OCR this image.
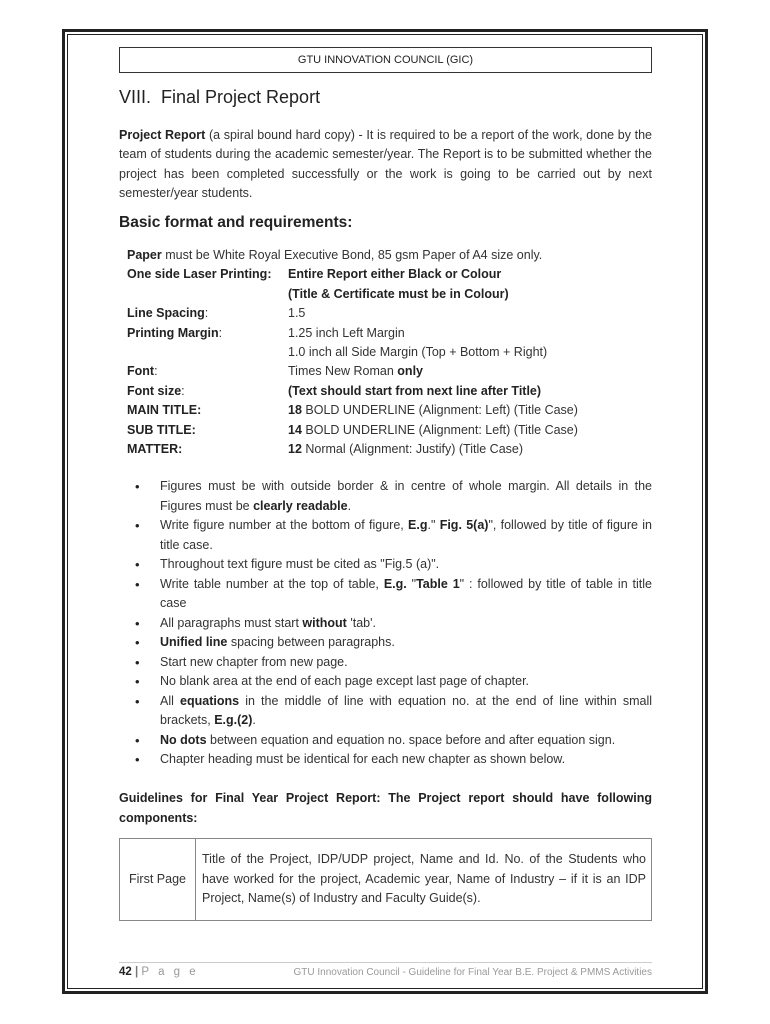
GTU INNOVATION COUNCIL (GIC)
VIII. Final Project Report

Project Report (a spiral bound hard copy) - It is required to be a report of the work, done by the team of students during the academic semester/year. The Report is to be submitted whether the project has been completed successfully or the work is going to be carried out by next semester/year students.

Basic format and requirements:
Paper must be White Royal Executive Bond, 85 gsm Paper of A4 size only.
One side Laser Printing: Entire Report either Black or Colour
(Title & Certificate must be in Colour)
Line Spacing:	1.5
Printing Margin:	1.25 inch Left Margin
1.0 inch all Side Margin (Top + Bottom + Right)
Font:	Times New Roman only
Font size:	(Text should start from next line after Title)
MAIN TITLE:	18 BOLD UNDERLINE (Alignment: Left) (Title Case)
SUB TITLE:	14 BOLD UNDERLINE (Alignment: Left) (Title Case)
MATTER:	12 Normal (Alignment: Justify) (Title Case)
• Figures must be with outside border & in centre of whole margin. All details in the Figures must be clearly readable.
• Write figure number at the bottom of figure, E.g." Fig. 5(a)", followed by title of figure in title case.
• Throughout text figure must be cited as "Fig.5 (a)".
• Write table number at the top of table, E.g. "Table 1" : followed by title of table in title case
• All paragraphs must start without 'tab'.
• Unified line spacing between paragraphs.
• Start new chapter from new page.
• No blank area at the end of each page except last page of chapter.
• All equations in the middle of line with equation no. at the end of line within small brackets, E.g.(2).
• No dots between equation and equation no. space before and after equation sign.
• Chapter heading must be identical for each new chapter as shown below.

Guidelines for Final Year Project Report: The Project report should have following components:

First Page	Title of the Project, IDP/UDP project, Name and Id. No. of the Students who have worked for the project, Academic year, Name of Industry – if it is an IDP Project, Name(s) of Industry and Faculty Guide(s).
42 | P a g e	GTU Innovation Council - Guideline for Final Year B.E. Project & PMMS Activities
